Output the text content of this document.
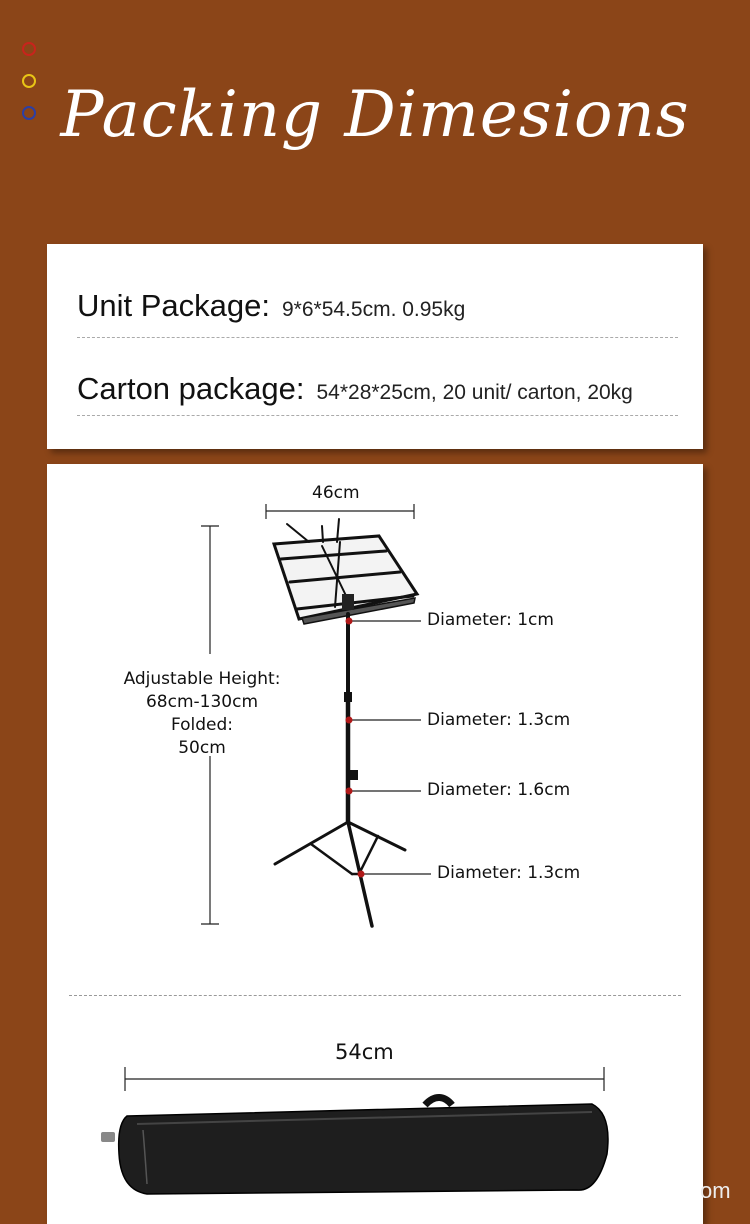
Packing Dimesions
Unit Package: 9*6*54.5cm. 0.95kg
Carton package: 54*28*25cm, 20 unit/ carton, 20kg
46cm
Adjustable Height:
68cm-130cm
Folded:
50cm
Diameter: 1cm
Diameter: 1.3cm
Diameter: 1.6cm
Diameter: 1.3cm
54cm
om
